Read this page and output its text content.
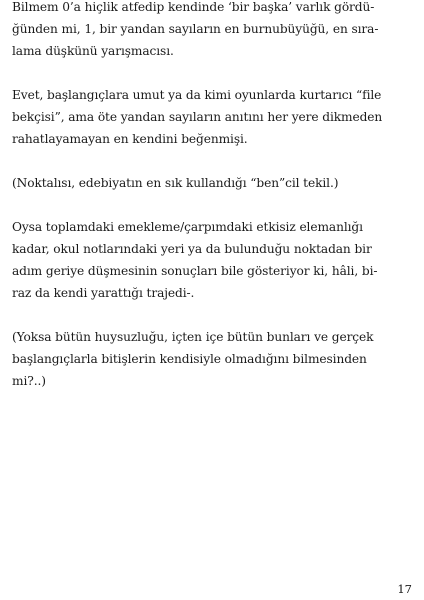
Bilmem 0’a hiçlik atfedip kendinde ‘bir başka’ varlık gördü-
ğünden mi, 1, bir yandan sayıların en burnubüyüğü, en sıra-
lama düşkünü yarışmacısı.

Evet, başlangıçlara umut ya da kimi oyunlarda kurtarıcı “file
bekçisi”, ama öte yandan sayıların anıtını her yere dikmeden
rahatlayamayan en kendini beğenmişi.

(Noktalısı, edebiyatın en sık kullandığı “ben”cil tekil.)

Oysa toplamdaki emekleme/çarpımdaki etkisiz elemanlığı
kadar, okul notlarındaki yeri ya da bulunduğu noktadan bir
adım geriye düşmesinin sonuçları bile gösteriyor ki, hâli, bi-
raz da kendi yarattığı trajedi-.

(Yoksa bütün huysuzluğu, içten içe bütün bunları ve gerçek
başlangıçlarla bitişlerin kendisiyle olmadığını bilmesinden
mi?..)

17
